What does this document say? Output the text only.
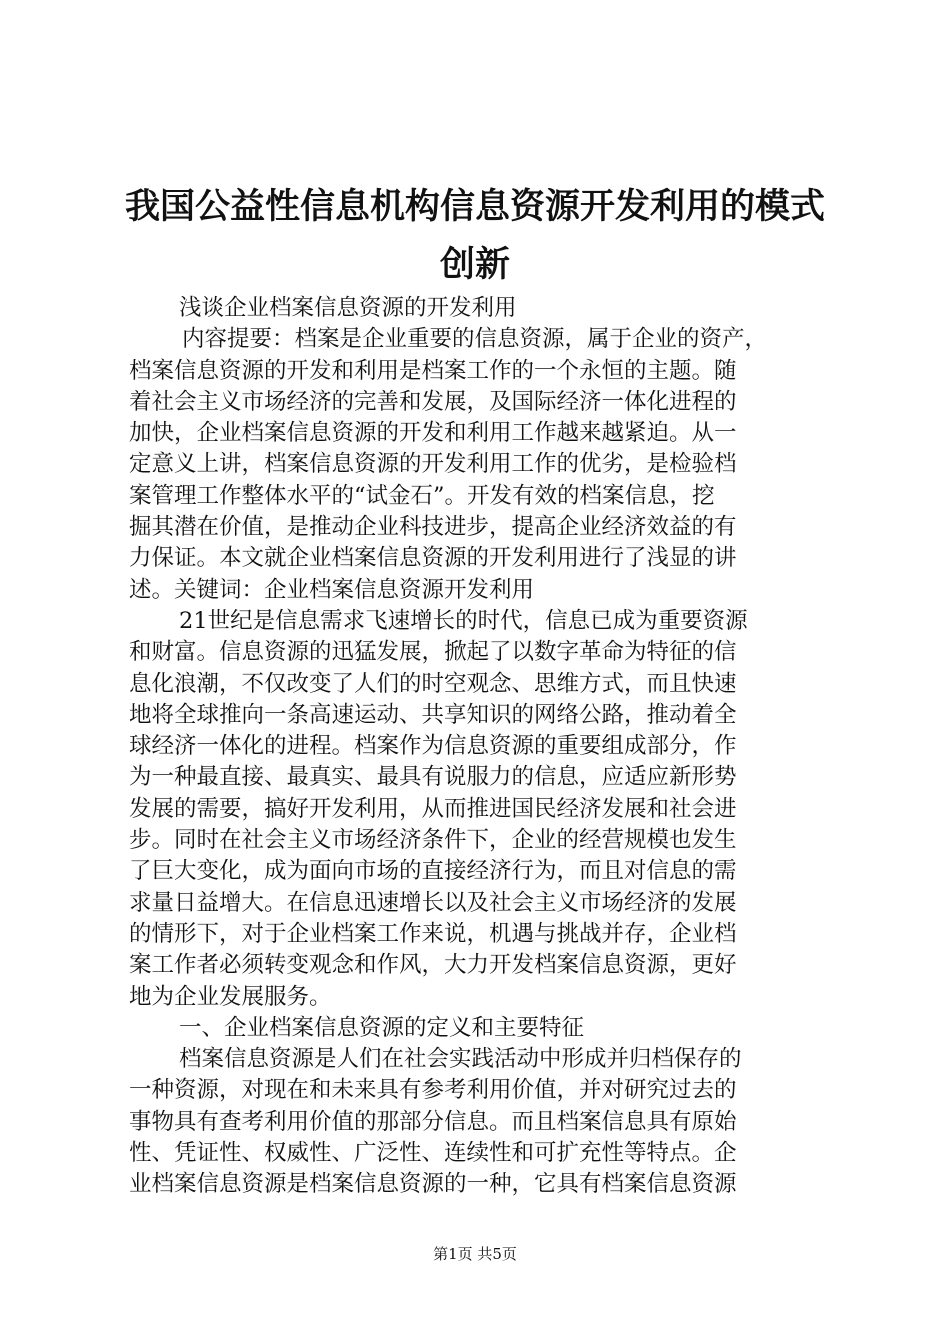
我国公益性信息机构信息资源开发利用的模式
创新
浅谈企业档案信息资源的开发利用
内容提要：档案是企业重要的信息资源，属于企业的资产，
档案信息资源的开发和利用是档案工作的一个永恒的主题。随
着社会主义市场经济的完善和发展，及国际经济一体化进程的
加快，企业档案信息资源的开发和利用工作越来越紧迫。从一
定意义上讲，档案信息资源的开发利用工作的优劣，是检验档
案管理工作整体水平的“试金石”。开发有效的档案信息，挖
掘其潜在价值，是推动企业科技进步，提高企业经济效益的有
力保证。本文就企业档案信息资源的开发利用进行了浅显的讲
述。关键词：企业档案信息资源开发利用
21世纪是信息需求飞速增长的时代，信息已成为重要资源
和财富。信息资源的迅猛发展，掀起了以数字革命为特征的信
息化浪潮，不仅改变了人们的时空观念、思维方式，而且快速
地将全球推向一条高速运动、共享知识的网络公路，推动着全
球经济一体化的进程。档案作为信息资源的重要组成部分，作
为一种最直接、最真实、最具有说服力的信息，应适应新形势
发展的需要，搞好开发利用，从而推进国民经济发展和社会进
步。同时在社会主义市场经济条件下，企业的经营规模也发生
了巨大变化，成为面向市场的直接经济行为，而且对信息的需
求量日益增大。在信息迅速增长以及社会主义市场经济的发展
的情形下，对于企业档案工作来说，机遇与挑战并存，企业档
案工作者必须转变观念和作风，大力开发档案信息资源，更好
地为企业发展服务。
一、企业档案信息资源的定义和主要特征
档案信息资源是人们在社会实践活动中形成并归档保存的
一种资源，对现在和未来具有参考利用价值，并对研究过去的
事物具有查考利用价值的那部分信息。而且档案信息具有原始
性、凭证性、权威性、广泛性、连续性和可扩充性等特点。企
业档案信息资源是档案信息资源的一种，它具有档案信息资源
第1页 共5页
